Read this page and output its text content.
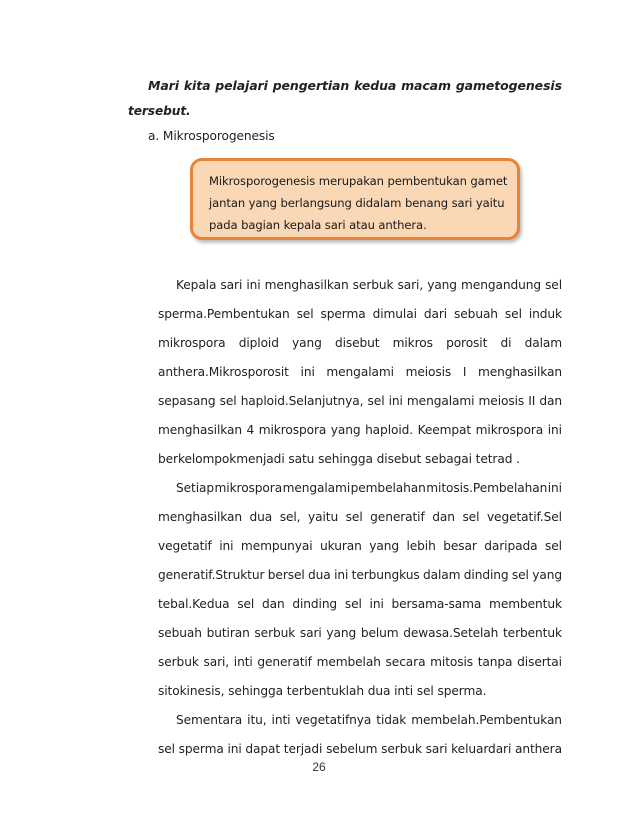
Mari kita pelajari pengertian kedua macam gametogenesis
tersebut.
a. Mikrosporogenesis
Mikrosporogenesis merupakan pembentukan gamet jantan yang berlangsung didalam benang sari yaitu pada bagian kepala sari atau anthera.
Kepala sari ini menghasilkan serbuk sari, yang mengandung sel
sperma.Pembentukan sel sperma dimulai dari sebuah sel induk
mikrospora diploid yang disebut mikros porosit di dalam
anthera.Mikrosporosit ini mengalami meiosis I menghasilkan
sepasang sel haploid.Selanjutnya, sel ini mengalami meiosis II dan
menghasilkan 4 mikrospora yang haploid. Keempat mikrospora ini
berkelompokmenjadi satu sehingga disebut sebagai tetrad .
Setiap mikrospora mengalami pembelahan mitosis.Pembelahan ini
menghasilkan dua sel, yaitu sel generatif dan sel vegetatif.Sel
vegetatif ini mempunyai ukuran yang lebih besar daripada sel
generatif.Struktur bersel dua ini terbungkus dalam dinding sel yang
tebal.Kedua sel dan dinding sel ini bersama-sama membentuk
sebuah butiran serbuk sari yang belum dewasa.Setelah terbentuk
serbuk sari, inti generatif membelah secara mitosis tanpa disertai
sitokinesis, sehingga terbentuklah dua inti sel sperma.
Sementara itu, inti vegetatifnya tidak membelah.Pembentukan
sel sperma ini dapat terjadi sebelum serbuk sari keluardari anthera
26
